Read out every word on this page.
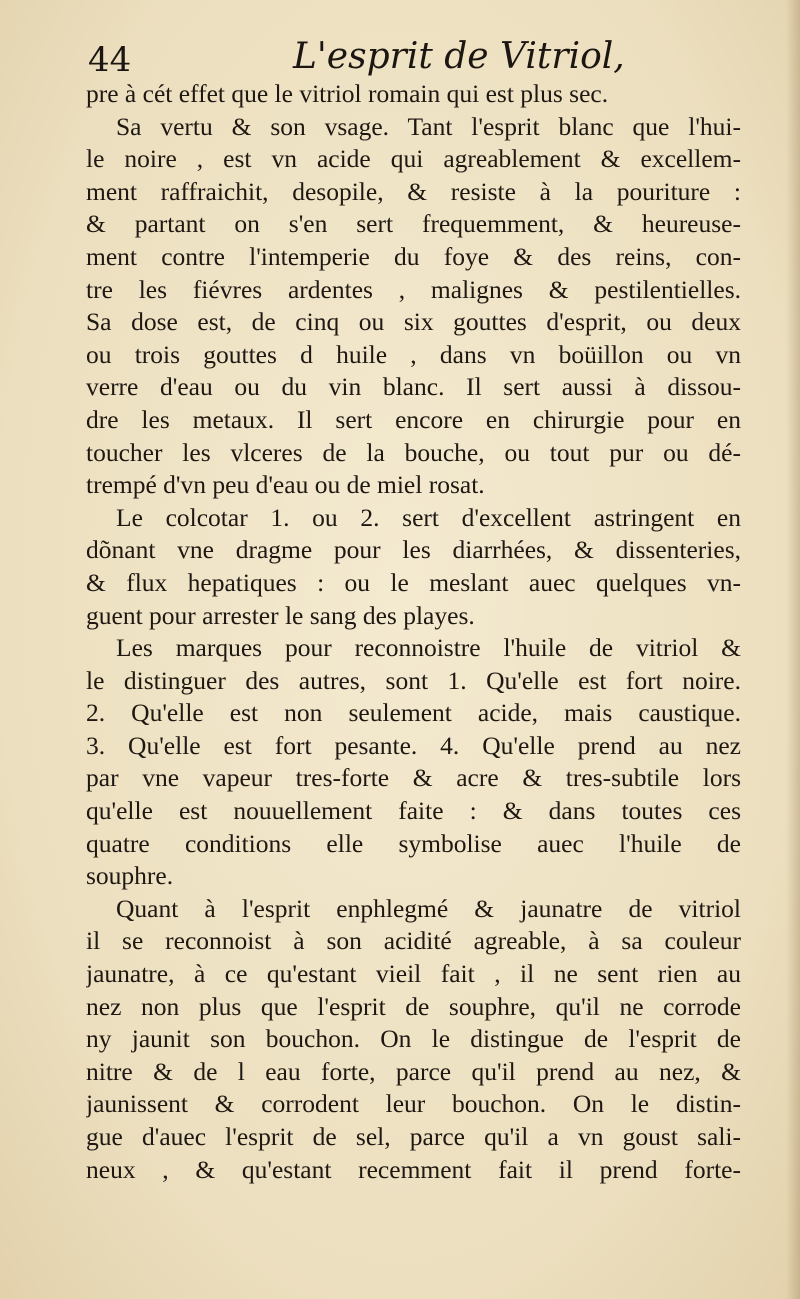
44	L'esprit de Vitriol,
pre à cét effet que le vitriol romain qui est plus sec.
Sa vertu & son vsage. Tant l'esprit blanc que l'hui-
le noire , est vn acide qui agreablement & excellem-
ment raffraichit, desopile, & resiste à la pouriture :
& partant on s'en sert frequemment, & heureuse-
ment contre l'intemperie du foye & des reins, con-
tre les fiévres ardentes , malignes & pestilentielles.
Sa dose est, de cinq ou six gouttes d'esprit, ou deux
ou trois gouttes d huile , dans vn boüillon ou vn
verre d'eau ou du vin blanc. Il sert aussi à dissou-
dre les metaux. Il sert encore en chirurgie pour en
toucher les vlceres de la bouche, ou tout pur ou dé-
trempé d'vn peu d'eau ou de miel rosat.
Le colcotar 1. ou 2. sert d'excellent astringent en
dõnant vne dragme pour les diarrhées, & dissenteries,
& flux hepatiques : ou le meslant auec quelques vn-
guent pour arrester le sang des playes.
Les marques pour reconnoistre l'huile de vitriol &
le distinguer des autres, sont 1. Qu'elle est fort noire.
2. Qu'elle est non seulement acide, mais caustique.
3. Qu'elle est fort pesante. 4. Qu'elle prend au nez
par vne vapeur tres-forte & acre & tres-subtile lors
qu'elle est nouuellement faite : & dans toutes ces
quatre conditions elle symbolise auec l'huile de
souphre.
Quant à l'esprit enphlegmé & jaunatre de vitriol
il se reconnoist à son acidité agreable, à sa couleur
jaunatre, à ce qu'estant vieil fait , il ne sent rien au
nez non plus que l'esprit de souphre, qu'il ne corrode
ny jaunit son bouchon. On le distingue de l'esprit de
nitre & de l eau forte, parce qu'il prend au nez, &
jaunissent & corrodent leur bouchon. On le distin-
gue d'auec l'esprit de sel, parce qu'il a vn goust sali-
neux , & qu'estant recemment fait il prend forte-
